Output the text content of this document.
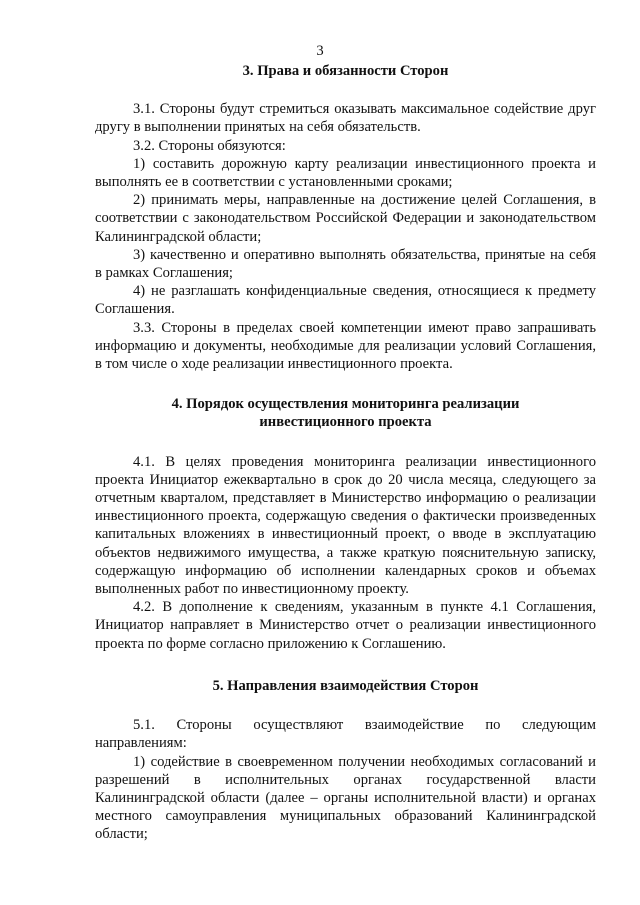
3
3. Права и обязанности Сторон

3.1. Стороны будут стремиться оказывать максимальное содействие друг другу в выполнении принятых на себя обязательств.

3.2. Стороны обязуются:

1) составить дорожную карту реализации инвестиционного проекта и выполнять ее в соответствии с установленными сроками;

2) принимать меры, направленные на достижение целей Соглашения, в соответствии с законодательством Российской Федерации и законодательством Калининградской области;

3) качественно и оперативно выполнять обязательства, принятые на себя в рамках Соглашения;

4) не разглашать конфиденциальные сведения, относящиеся к предмету Соглашения.

3.3. Стороны в пределах своей компетенции имеют право запрашивать информацию и документы, необходимые для реализации условий Соглашения, в том числе о ходе реализации инвестиционного проекта.

4. Порядок осуществления мониторинга реализации
инвестиционного проекта

4.1. В целях проведения мониторинга реализации инвестиционного проекта Инициатор ежеквартально в срок до 20 числа месяца, следующего за отчетным кварталом, представляет в Министерство информацию о реализации инвестиционного проекта, содержащую сведения о фактически произведенных капитальных вложениях в инвестиционный проект, о вводе в эксплуатацию объектов недвижимого имущества, а также краткую пояснительную записку, содержащую информацию об исполнении календарных сроков и объемах выполненных работ по инвестиционному проекту.

4.2. В дополнение к сведениям, указанным в пункте 4.1 Соглашения, Инициатор направляет в Министерство отчет о реализации инвестиционного проекта по форме согласно приложению к Соглашению.

5. Направления взаимодействия Сторон

5.1. Стороны осуществляют взаимодействие по следующим направлениям:

1) содействие в своевременном получении необходимых согласований и разрешений в исполнительных органах государственной власти Калининградской области (далее – органы исполнительной власти) и органах местного самоуправления муниципальных образований Калининградской области;
